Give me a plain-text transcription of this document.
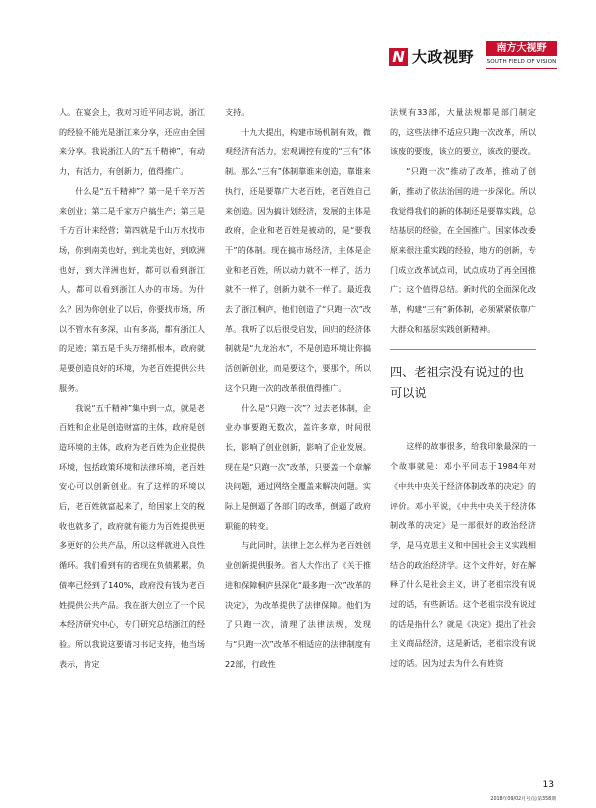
N 大政视野	南方大视野
SOUTH FIELD OF VISION

人。在宴会上，我对习近平同志说，浙江的经验不能光是浙江来分享，还应由全国来分享。我说浙江人的“五千精神”，有动力，有活力，有创新力，值得推广。

什么是“五千精神”？第一是千辛万苦来创业；第二是千家万户搞生产；第三是千方百计来经营；第四就是千山万水找市场，你到南美也好，到北美也好，到欧洲也好，到大洋洲也好，都可以看到浙江人，都可以看到浙江人办的市场。为什么？因为你创业了以后，你要找市场，所以不管水有多深，山有多高，都有浙江人的足迹；第五是千头万绪抓根本，政府就是要创造良好的环境，为老百姓提供公共服务。

我说“五千精神”集中到一点，就是老百姓和企业是创造财富的主体，政府是创造环境的主体，政府为老百姓为企业提供环境，包括政策环境和法律环境，老百姓安心可以创新创业。有了这样的环境以后，老百姓就富起来了，给国家上交的税收也就多了，政府就有能力为百姓提供更多更好的公共产品，所以这样就进入良性循环。我们看到有的省现在负债累累，负债率已经到了140%，政府没有钱为老百姓提供公共产品。我在浙大创立了一个民本经济研究中心，专门研究总结浙江的经验。所以我说这要请习书记支持，他当场表示，肯定

支持。

十九大提出，构建市场机制有效，微观经济有活力，宏观调控有度的“三有”体制。那么“三有”体制靠谁来创造，靠谁来执行，还是要靠广大老百姓，老百姓自己来创造。因为搞计划经济，发展的主体是政府，企业和老百姓是被动的，是“要我干”的体制。现在搞市场经济，主体是企业和老百姓，所以动力就不一样了，活力就不一样了，创新力就不一样了。最近我去了浙江桐庐，他们创造了“只跑一次”改革。我听了以后很受启发，回归的经济体制就是“九龙治水”，不是创造环境让你搞活创新创业，而是要这个，要那个，所以这个只跑一次的改革很值得推广。

什么是“只跑一次”？过去老体制，企业办事要跑无数次，盖许多章，时间很长，影响了创业创新，影响了企业发展。现在是“只跑一次”改革，只要盖一个章解决问题，通过网络全覆盖来解决问题。实际上是倒逼了各部门的改革，倒逼了政府职能的转变。

与此同时，法律上怎么样为老百姓创业创新提供服务。省人大作出了《关于推进和保障桐庐县深化“最多跑一次”改革的决定》，为改革提供了法律保障。他们为了只跑一次，清理了法律法规，发现与“只跑一次”改革不相适应的法律制度有22部，行政性

法规有33部，大量法规都是部门制定的，这些法律不适应只跑一次改革，所以该废的要废，该立的要立，该改的要改。

“只跑一次”推动了改革，推动了创新，推动了依法治国的进一步深化。所以我觉得我们的新的体制还是要靠实践，总结基层的经验，在全国推广。国家体改委原来很注重实践的经验，地方的创新，专门成立改革试点司，试点成功了再全国推广；这个值得总结。新时代的全面深化改革，构建“三有”新体制，必须紧紧依靠广大群众和基层实践创新精神。

四、老祖宗没有说过的也可以说

这样的故事很多，给我印象最深的一个故事就是：邓小平同志于1984年对《中共中央关于经济体制改革的决定》的评价。邓小平说，《中共中央关于经济体制改革的决定》是一部很好的政治经济学，是马克思主义和中国社会主义实践相结合的政治经济学。这个文件好，好在解释了什么是社会主义，讲了老祖宗没有说过的话，有些新话。这个老祖宗没有说过的话是指什么？就是《决定》提出了社会主义商品经济，这是新话，老祖宗没有说过的话。因为过去为什么有姓资

13
2018年09/02月号/总第358期
